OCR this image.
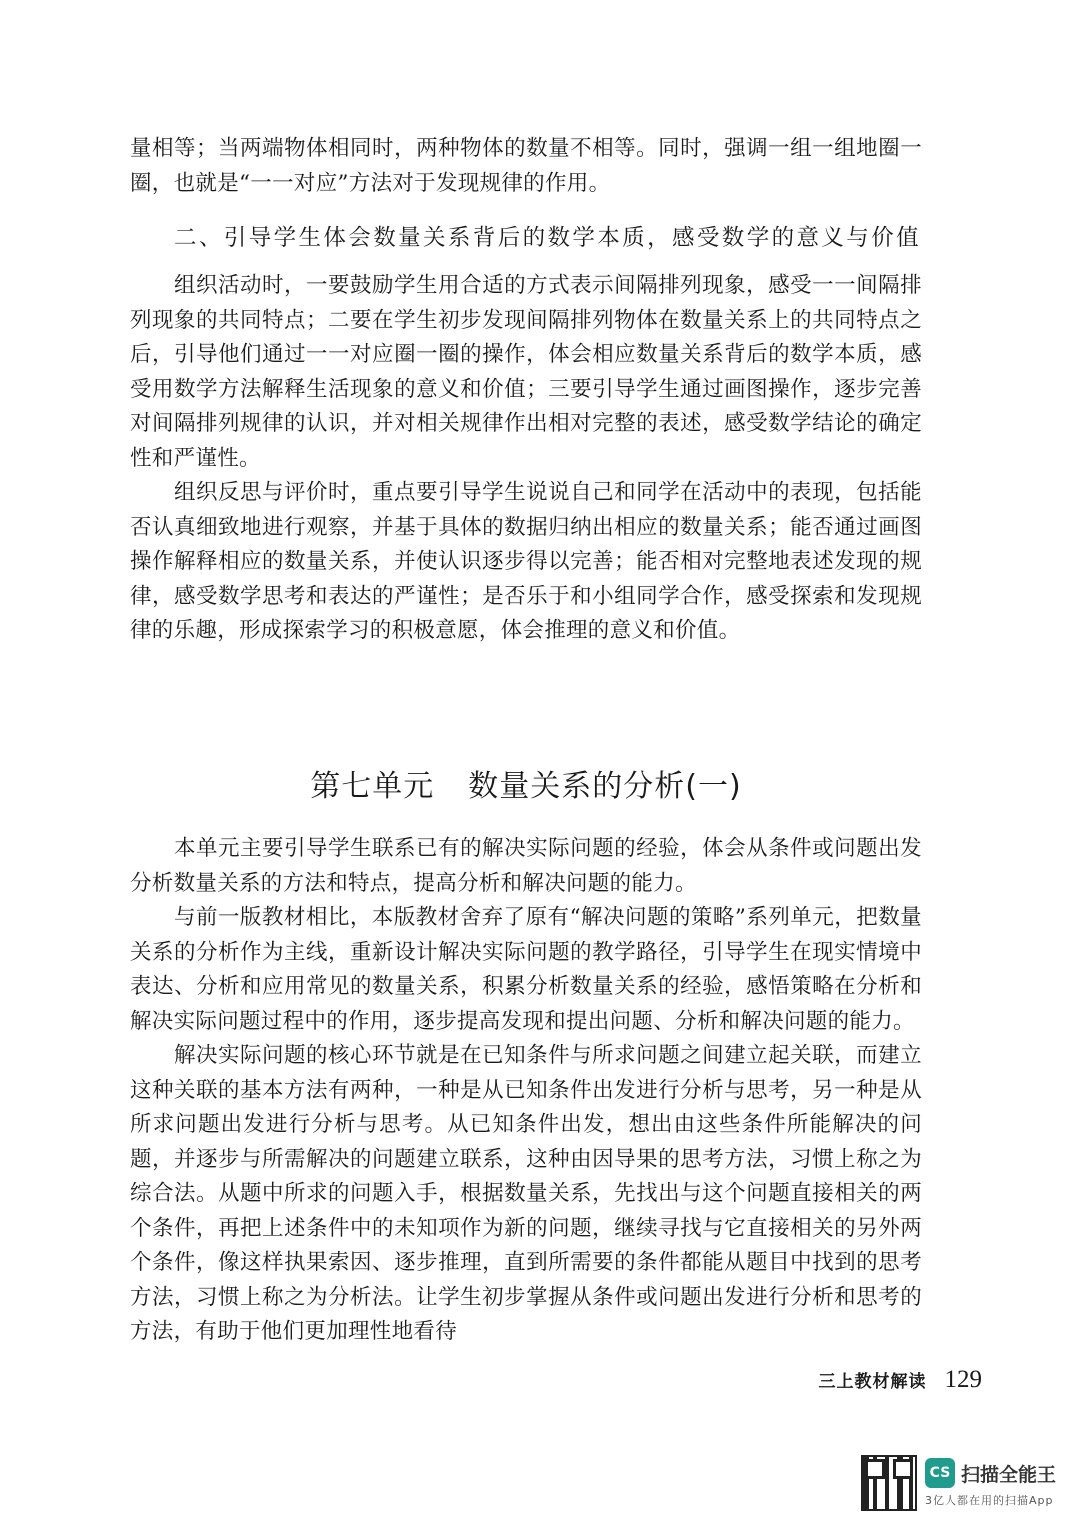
量相等；当两端物体相同时，两种物体的数量不相等。同时，强调一组一组地圈一圈，也就是“一一对应”方法对于发现规律的作用。

二、引导学生体会数量关系背后的数学本质，感受数学的意义与价值

组织活动时，一要鼓励学生用合适的方式表示间隔排列现象，感受一一间隔排列现象的共同特点；二要在学生初步发现间隔排列物体在数量关系上的共同特点之后，引导他们通过一一对应圈一圈的操作，体会相应数量关系背后的数学本质，感受用数学方法解释生活现象的意义和价值；三要引导学生通过画图操作，逐步完善对间隔排列规律的认识，并对相关规律作出相对完整的表述，感受数学结论的确定性和严谨性。

组织反思与评价时，重点要引导学生说说自己和同学在活动中的表现，包括能否认真细致地进行观察，并基于具体的数据归纳出相应的数量关系；能否通过画图操作解释相应的数量关系，并使认识逐步得以完善；能否相对完整地表述发现的规律，感受数学思考和表达的严谨性；是否乐于和小组同学合作，感受探索和发现规律的乐趣，形成探索学习的积极意愿，体会推理的意义和价值。

第七单元 数量关系的分析(一)

本单元主要引导学生联系已有的解决实际问题的经验，体会从条件或问题出发分析数量关系的方法和特点，提高分析和解决问题的能力。

与前一版教材相比，本版教材舍弃了原有“解决问题的策略”系列单元，把数量关系的分析作为主线，重新设计解决实际问题的教学路径，引导学生在现实情境中表达、分析和应用常见的数量关系，积累分析数量关系的经验，感悟策略在分析和解决实际问题过程中的作用，逐步提高发现和提出问题、分析和解决问题的能力。

解决实际问题的核心环节就是在已知条件与所求问题之间建立起关联，而建立这种关联的基本方法有两种，一种是从已知条件出发进行分析与思考，另一种是从所求问题出发进行分析与思考。从已知条件出发，想出由这些条件所能解决的问题，并逐步与所需解决的问题建立联系，这种由因导果的思考方法，习惯上称之为综合法。从题中所求的问题入手，根据数量关系，先找出与这个问题直接相关的两个条件，再把上述条件中的未知项作为新的问题，继续寻找与它直接相关的另外两个条件，像这样执果索因、逐步推理，直到所需要的条件都能从题目中找到的思考方法，习惯上称之为分析法。让学生初步掌握从条件或问题出发进行分析和思考的方法，有助于他们更加理性地看待

三上教材解读 129
CS 扫描全能王
3亿人都在用的扫描App
